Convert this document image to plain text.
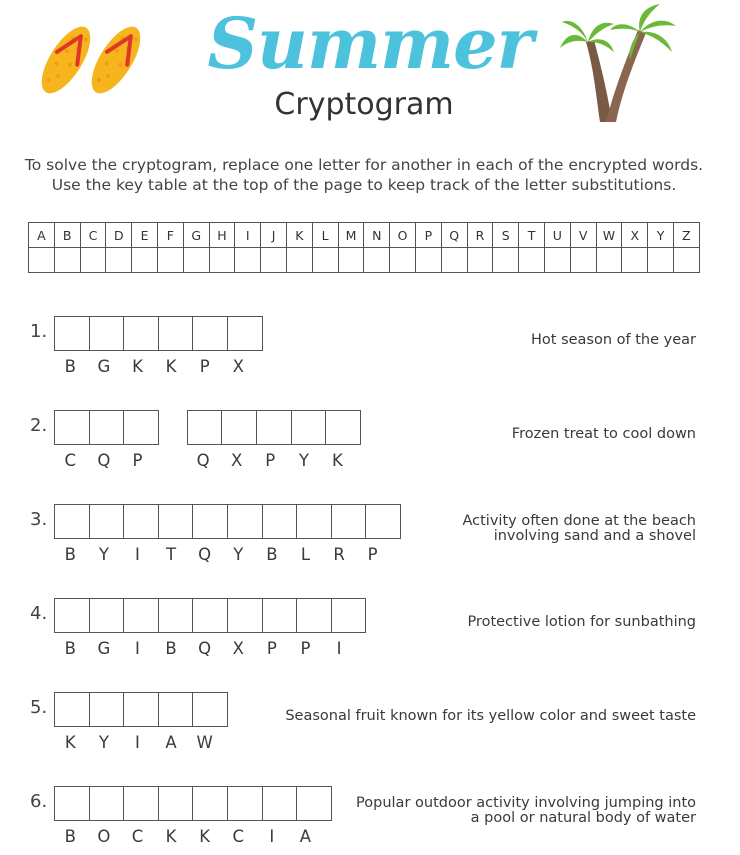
Summer
Cryptogram
To solve the cryptogram, replace one letter for another in each of the encrypted words.
Use the key table at the top of the page to keep track of the letter substitutions.
A	B	C	D	E	F	G	H	I	J	K	L	M	N	O	P	Q	R	S	T	U	V	W	X	Y	Z

1.
B	G	K	K	P	X
Hot season of the year
2.
C	Q	P	Q	X	P	Y	K
Frozen treat to cool down
3.
B	Y	I	T	Q	Y	B	L	R	P
Activity often done at the beach
involving sand and a shovel
4.
B	G	I	B	Q	X	P	P	I
Protective lotion for sunbathing
5.
K	Y	I	A	W
Seasonal fruit known for its yellow color and sweet taste
6.
B	O	C	K	K	C	I	A
Popular outdoor activity involving jumping into
a pool or natural body of water
